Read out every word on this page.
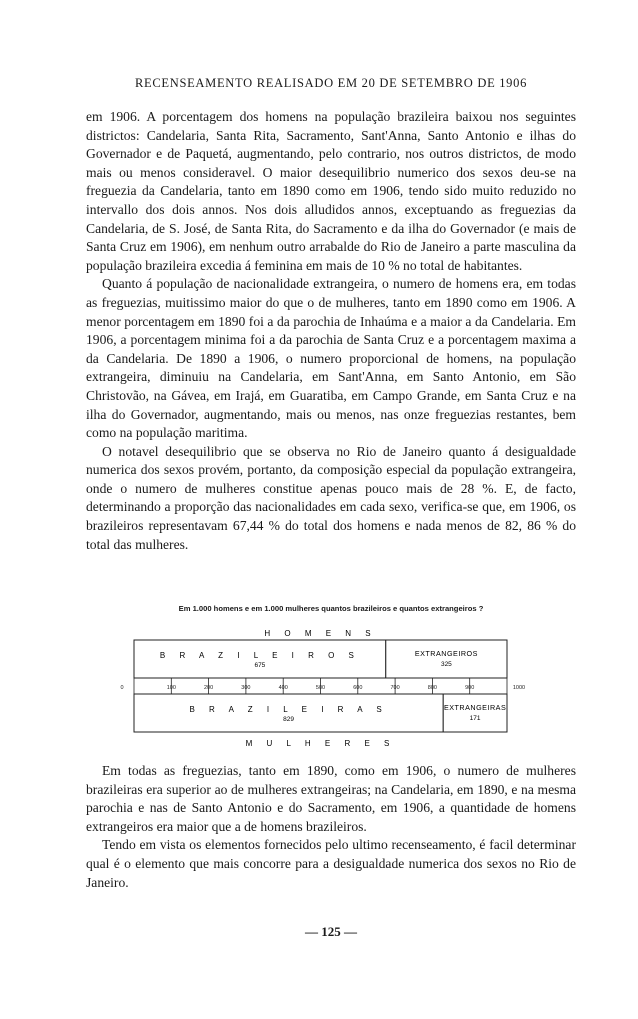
RECENSEAMENTO REALISADO EM 20 DE SETEMBRO DE 1906

em 1906. A porcentagem dos homens na população brazileira baixou nos seguintes districtos: Candelaria, Santa Rita, Sacramento, Sant'Anna, Santo Antonio e ilhas do Governador e de Paquetá, augmentando, pelo contrario, nos outros districtos, de modo mais ou menos consideravel. O maior desequilibrio numerico dos sexos deu-se na freguezia da Candelaria, tanto em 1890 como em 1906, tendo sido muito reduzido no intervallo dos dois annos. Nos dois alludidos annos, exceptuando as freguezias da Candelaria, de S. José, de Santa Rita, do Sacramento e da ilha do Governador (e mais de Santa Cruz em 1906), em nenhum outro arrabalde do Rio de Janeiro a parte masculina da população brazileira excedia á feminina em mais de 10 % no total de habitantes.

Quanto á população de nacionalidade extrangeira, o numero de homens era, em todas as freguezias, muitissimo maior do que o de mulheres, tanto em 1890 como em 1906. A menor porcentagem em 1890 foi a da parochia de Inhaúma e a maior a da Candelaria. Em 1906, a porcentagem minima foi a da parochia de Santa Cruz e a porcentagem maxima a da Candelaria. De 1890 a 1906, o numero proporcional de homens, na população extrangeira, diminuiu na Candelaria, em Sant'Anna, em Santo Antonio, em São Christovão, na Gávea, em Irajá, em Guaratiba, em Campo Grande, em Santa Cruz e na ilha do Governador, augmentando, mais ou menos, nas onze freguezias restantes, bem como na população maritima.

O notavel desequilibrio que se observa no Rio de Janeiro quanto á desigualdade numerica dos sexos provém, portanto, da composição especial da população extrangeira, onde o numero de mulheres constitue apenas pouco mais de 28 %. E, de facto, determinando a proporção das nacionalidades em cada sexo, verifica-se que, em 1906, os brazileiros representavam 67,44 % do total dos homens e nada menos de 82, 86 % do total das mulheres.

Em 1.000 homens e em 1.000 mulheres quantos brazileiros e quantos extrangeiros ?
H O M E N S
B R A Z I L E I R O S
675
EXTRANGEIROS
325
B R A Z I L E I R A S
829
EXTRANGEIRAS
171
0	100	200	300	400	500	600	700	800	900	1000
M U L H E R E S

Em todas as freguezias, tanto em 1890, como em 1906, o numero de mulheres brazileiras era superior ao de mulheres extrangeiras; na Candelaria, em 1890, e na mesma parochia e nas de Santo Antonio e do Sacramento, em 1906, a quantidade de homens extrangeiros era maior que a de homens brazileiros.

Tendo em vista os elementos fornecidos pelo ultimo recenseamento, é facil determinar qual é o elemento que mais concorre para a desigualdade numerica dos sexos no Rio de Janeiro.

— 125 —
